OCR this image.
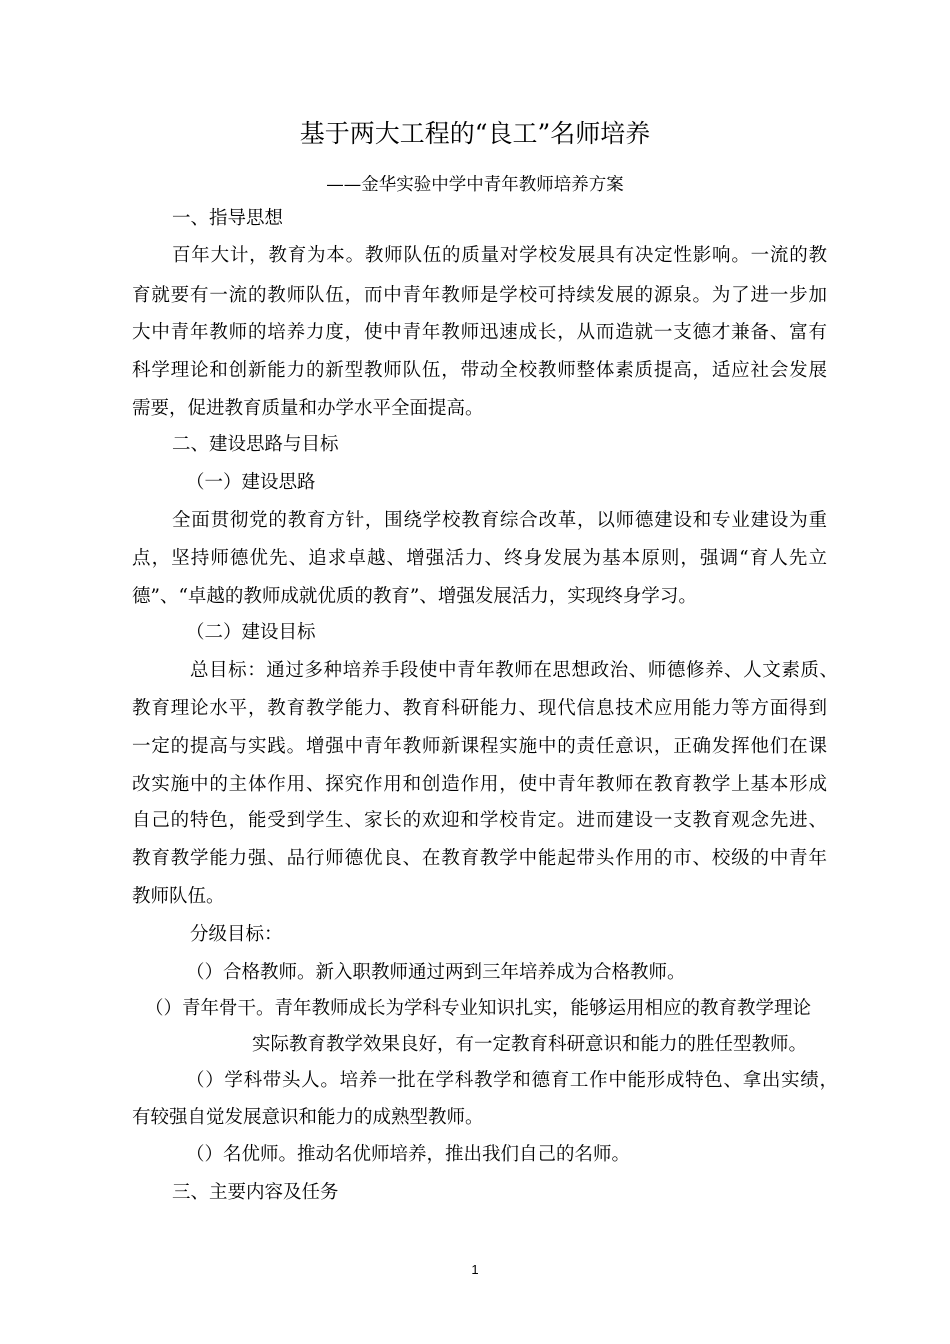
基于两大工程的“良工”名师培养
——金华实验中学中青年教师培养方案
一、指导思想
百年大计，教育为本。教师队伍的质量对学校发展具有决定性影响。一流的教
育就要有一流的教师队伍，而中青年教师是学校可持续发展的源泉。为了进一步加
大中青年教师的培养力度，使中青年教师迅速成长，从而造就一支德才兼备、富有
科学理论和创新能力的新型教师队伍，带动全校教师整体素质提高，适应社会发展
需要，促进教育质量和办学水平全面提高。
二、建设思路与目标
（一）建设思路
全面贯彻党的教育方针，围绕学校教育综合改革，以师德建设和专业建设为重
点，坚持师德优先、追求卓越、增强活力、终身发展为基本原则，强调“育人先立
德”、“卓越的教师成就优质的教育”、增强发展活力，实现终身学习。
（二）建设目标
总目标：通过多种培养手段使中青年教师在思想政治、师德修养、人文素质、
教育理论水平，教育教学能力、教育科研能力、现代信息技术应用能力等方面得到
一定的提高与实践。增强中青年教师新课程实施中的责任意识，正确发挥他们在课
改实施中的主体作用、探究作用和创造作用，使中青年教师在教育教学上基本形成
自己的特色，能受到学生、家长的欢迎和学校肯定。进而建设一支教育观念先进、
教育教学能力强、品行师德优良、在教育教学中能起带头作用的市、校级的中青年
教师队伍。
分级目标：
（）合格教师。新入职教师通过两到三年培养成为合格教师。
（）青年骨干。青年教师成长为学科专业知识扎实，能够运用相应的教育教学理论
实际教育教学效果良好，有一定教育科研意识和能力的胜任型教师。
（）学科带头人。培养一批在学科教学和德育工作中能形成特色、拿出实绩，
有较强自觉发展意识和能力的成熟型教师。
（）名优师。推动名优师培养，推出我们自己的名师。
三、主要内容及任务
1
